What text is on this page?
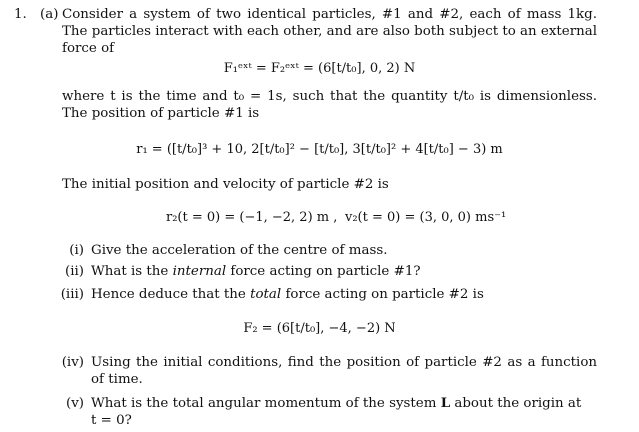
1. (a) Consider a system of two identical particles, #1 and #2, each of mass 1kg. The particles interact with each other, and are also both subject to an external force of
F₁ᵉˣᵗ = F₂ᵉˣᵗ = (6[t/t₀], 0, 2) N
where t is the time and t₀ = 1s, such that the quantity t/t₀ is dimensionless. The position of particle #1 is
r₁ = ([t/t₀]³ + 10, 2[t/t₀]² − [t/t₀], 3[t/t₀]² + 4[t/t₀] − 3) m
The initial position and velocity of particle #2 is
r₂(t = 0) = (−1, −2, 2) m , v₂(t = 0) = (3, 0, 0) ms⁻¹
(i) Give the acceleration of the centre of mass.
(ii) What is the internal force acting on particle #1?
(iii) Hence deduce that the total force acting on particle #2 is
F₂ = (6[t/t₀], −4, −2) N
(iv) Using the initial conditions, find the position of particle #2 as a function of time.
(v) What is the total angular momentum of the system L about the origin at
t = 0?
